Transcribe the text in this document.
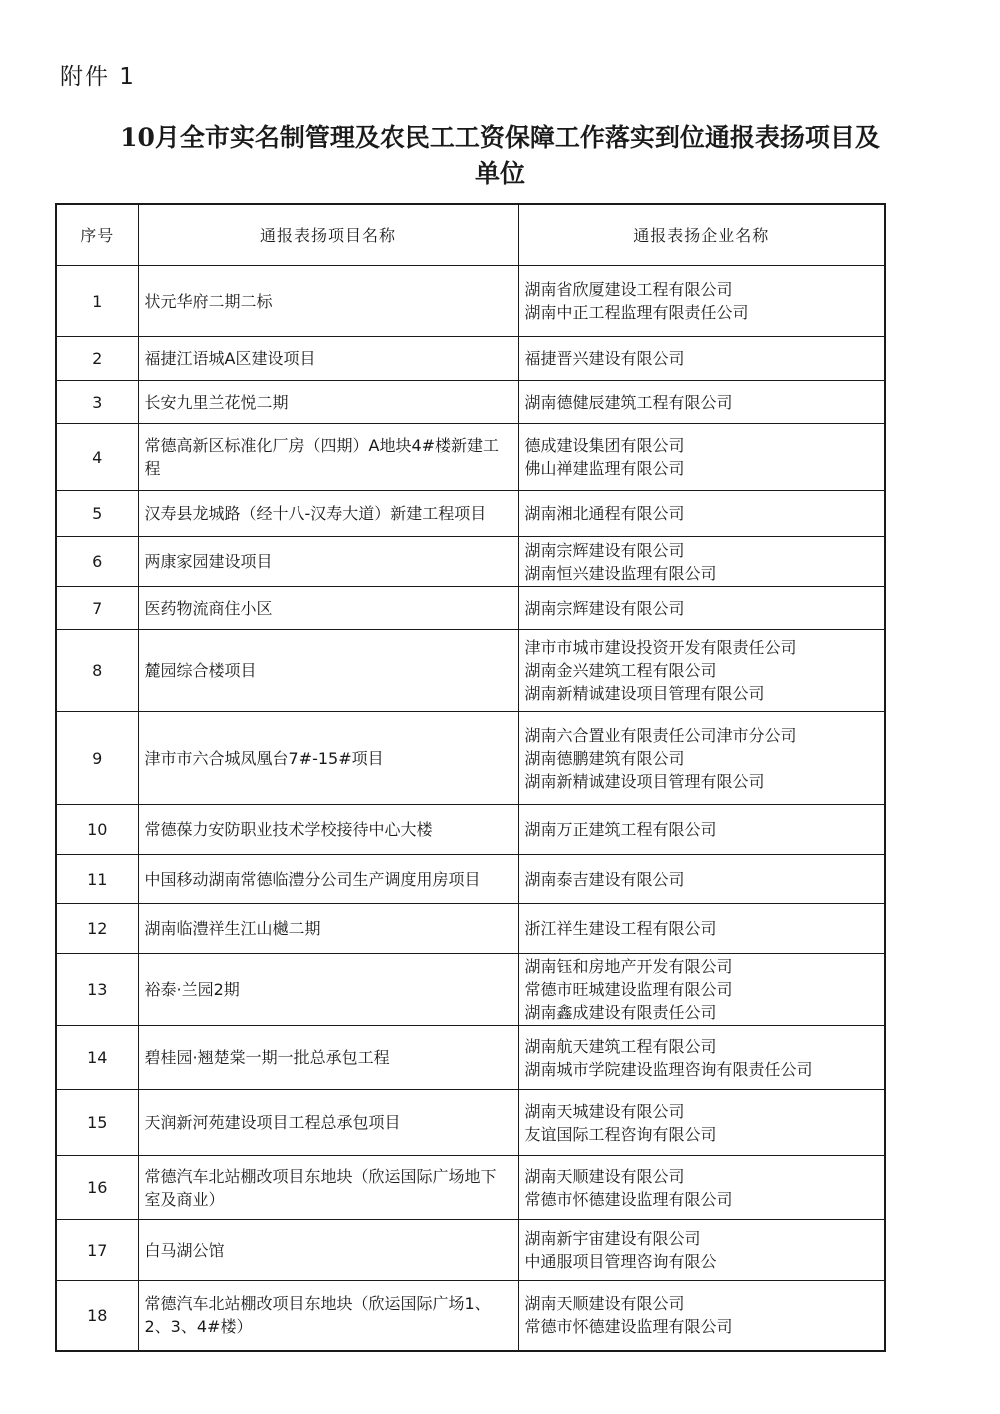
附件 1
10月全市实名制管理及农民工工资保障工作落实到位通报表扬项目及
单位
序号	通报表扬项目名称	通报表扬企业名称
1	状元华府二期二标	湖南省欣厦建设工程有限公司
湖南中正工程监理有限责任公司

2	福捷江语城A区建设项目	福捷晋兴建设有限公司

3	长安九里兰花悦二期	湖南德健辰建筑工程有限公司

4	常德高新区标准化厂房（四期）A地块4#楼新建工程	德成建设集团有限公司
佛山禅建监理有限公司

5	汉寿县龙城路（经十八-汉寿大道）新建工程项目	湖南湘北通程有限公司

6	两康家园建设项目	湖南宗辉建设有限公司
湖南恒兴建设监理有限公司

7	医药物流商住小区	湖南宗辉建设有限公司

8	麓园综合楼项目	津市市城市建设投资开发有限责任公司
湖南金兴建筑工程有限公司
湖南新精诚建设项目管理有限公司

9	津市市六合城凤凰台7#-15#项目	湖南六合置业有限责任公司津市分公司
湖南德鹏建筑有限公司
湖南新精诚建设项目管理有限公司

10	常德葆力安防职业技术学校接待中心大楼	湖南万正建筑工程有限公司

11	中国移动湖南常德临澧分公司生产调度用房项目	湖南泰吉建设有限公司

12	湖南临澧祥生江山樾二期	浙江祥生建设工程有限公司

13	裕泰·兰园2期	湖南钰和房地产开发有限公司
常德市旺城建设监理有限公司
湖南鑫成建设有限责任公司

14	碧桂园·翘楚棠一期一批总承包工程	湖南航天建筑工程有限公司
湖南城市学院建设监理咨询有限责任公司

15	天润新河苑建设项目工程总承包项目	湖南天城建设有限公司
友谊国际工程咨询有限公司

16	常德汽车北站棚改项目东地块（欣运国际广场地下室及商业）	湖南天顺建设有限公司
常德市怀德建设监理有限公司

17	白马湖公馆	湖南新宇宙建设有限公司
中通服项目管理咨询有限公

18	常德汽车北站棚改项目东地块（欣运国际广场1、2、3、4#楼）	湖南天顺建设有限公司
常德市怀德建设监理有限公司
